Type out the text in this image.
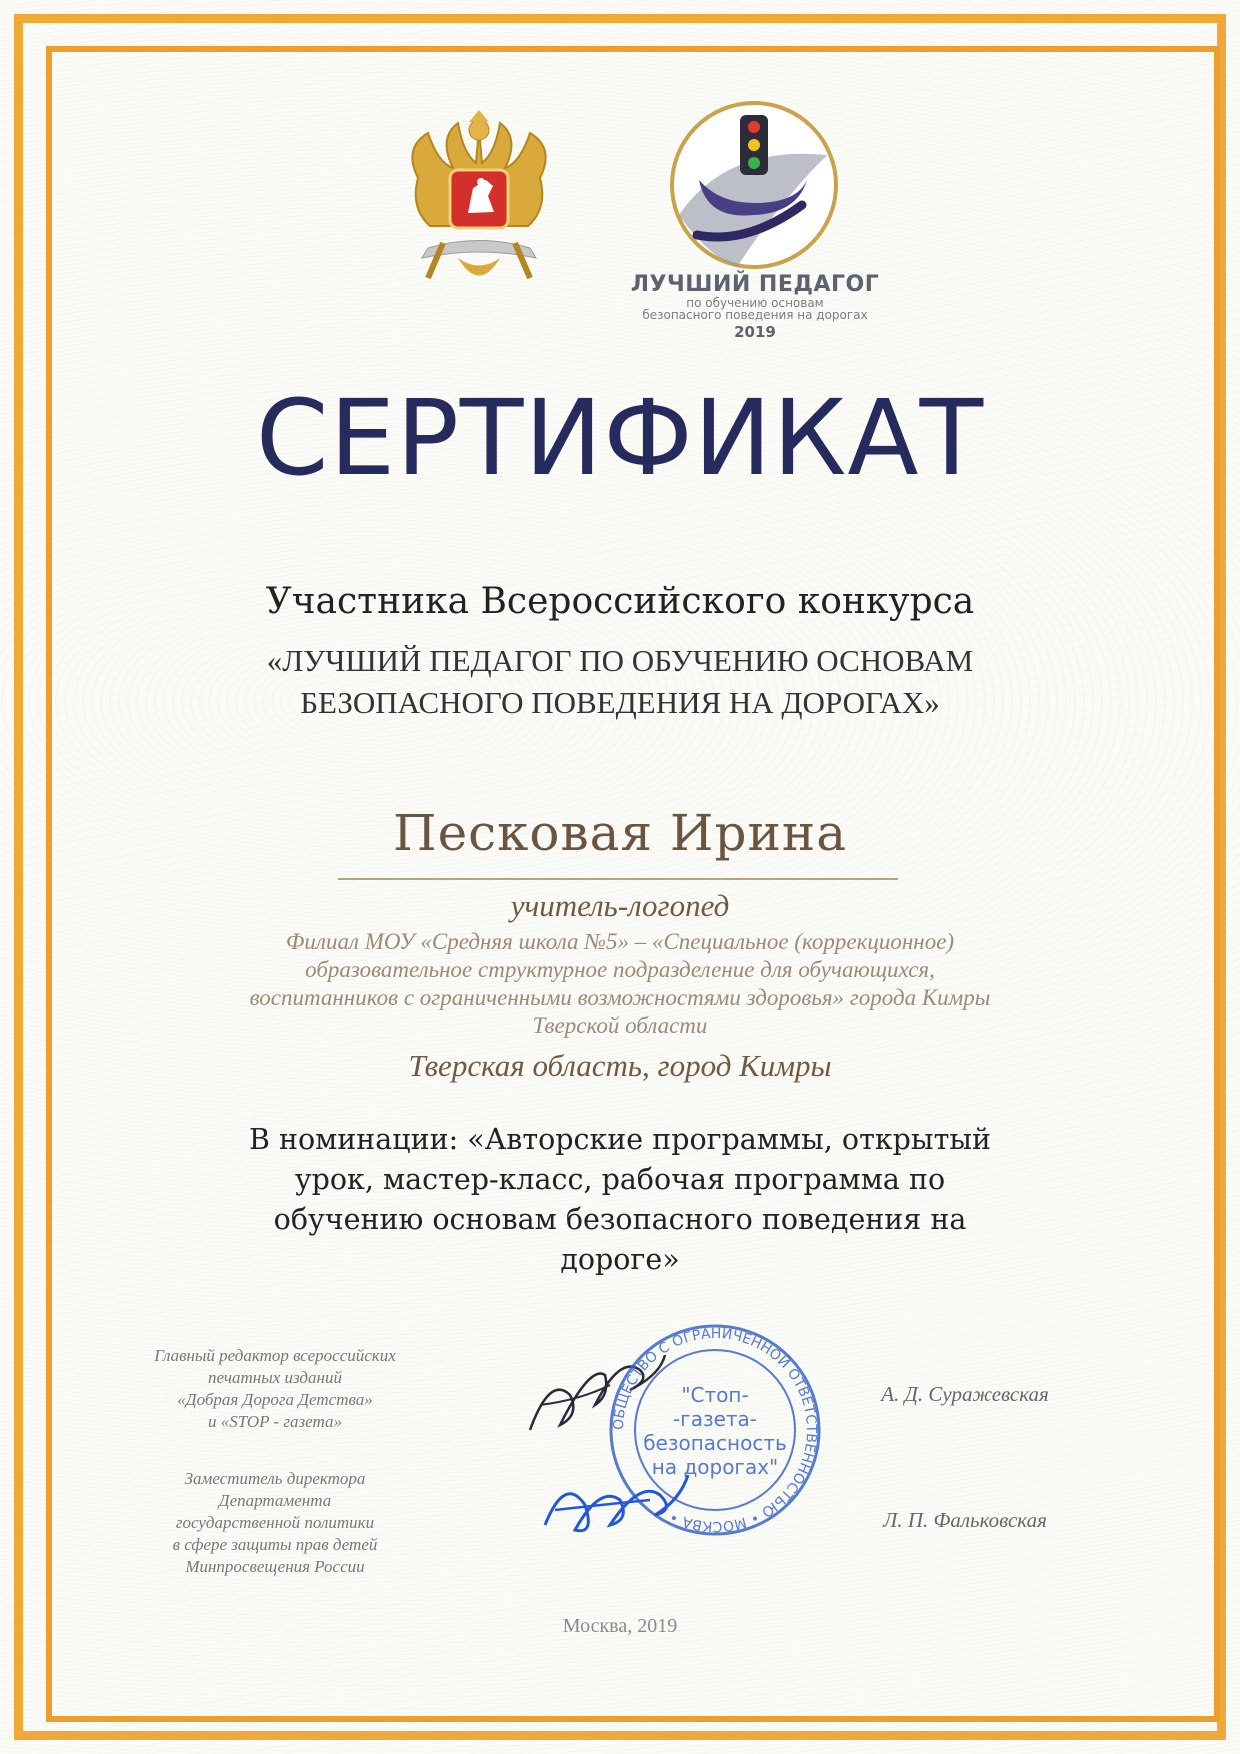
ЛУЧШИЙ ПЕДАГОГ
по обучению основам
безопасного поведения на дорогах
2019
СЕРТИФИКАТ
Участника Всероссийского конкурса
«ЛУЧШИЙ ПЕДАГОГ ПО ОБУЧЕНИЮ ОСНОВАМ
БЕЗОПАСНОГО ПОВЕДЕНИЯ НА ДОРОГАХ»
Песковая Ирина
учитель-логопед
Филиал МОУ «Средняя школа №5» – «Специальное (коррекционное)
образовательное структурное подразделение для обучающихся,
воспитанников с ограниченными возможностями здоровья» города Кимры
Тверской области
Тверская область, город Кимры
В номинации: «Авторские программы, открытый
урок, мастер-класс, рабочая программа по
обучению основам безопасного поведения на
дороге»
Главный редактор всероссийских
печатных изданий
«Добрая Дорога Детства»
и «STOP - газета»
Заместитель директора
Департамента
государственной политики
в сфере защиты прав детей
Минпросвещения России
ОБЩЕСТВО С ОГРАНИЧЕННОЙ ОТВЕТСТВЕННОСТЬЮ • МОСКВА •
"Стоп-
-газета-
безопасность
на дорогах"
А. Д. Суражевская
Л. П. Фальковская
Москва, 2019
